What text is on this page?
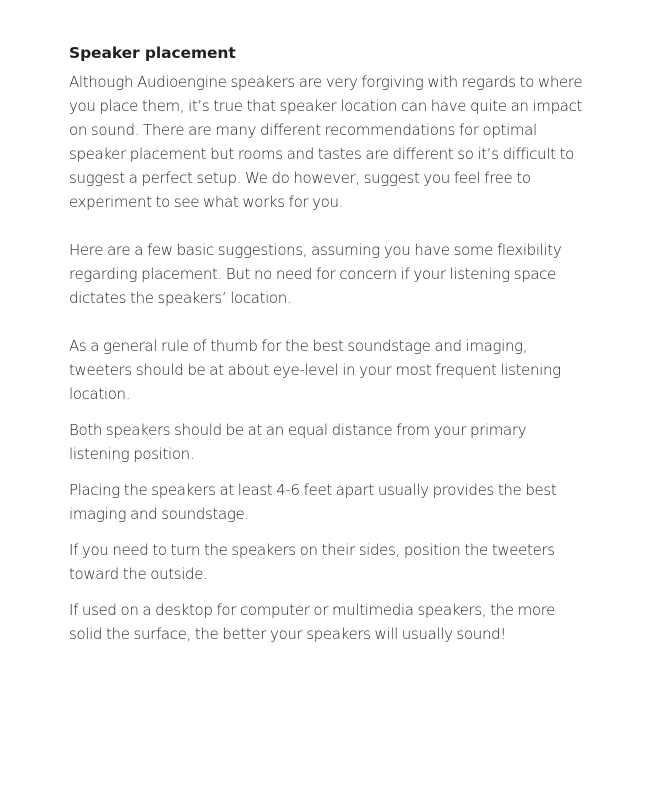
Speaker placement

Although Audioengine speakers are very forgiving with regards to where you place them, it’s true that speaker location can have quite an impact on sound. There are many different recommendations for optimal speaker placement but rooms and tastes are different so it’s difficult to suggest a perfect setup. We do however, suggest you feel free to experiment to see what works for you.

Here are a few basic suggestions, assuming you have some flexibility regarding placement. But no need for concern if your listening space dictates the speakers’ location.

As a general rule of thumb for the best soundstage and imaging, tweeters should be at about eye-level in your most frequent listening location.

Both speakers should be at an equal distance from your primary listening position.

Placing the speakers at least 4-6 feet apart usually provides the best imaging and soundstage.

If you need to turn the speakers on their sides, position the tweeters toward the outside.

If used on a desktop for computer or multimedia speakers, the more solid the surface, the better your speakers will usually sound!
